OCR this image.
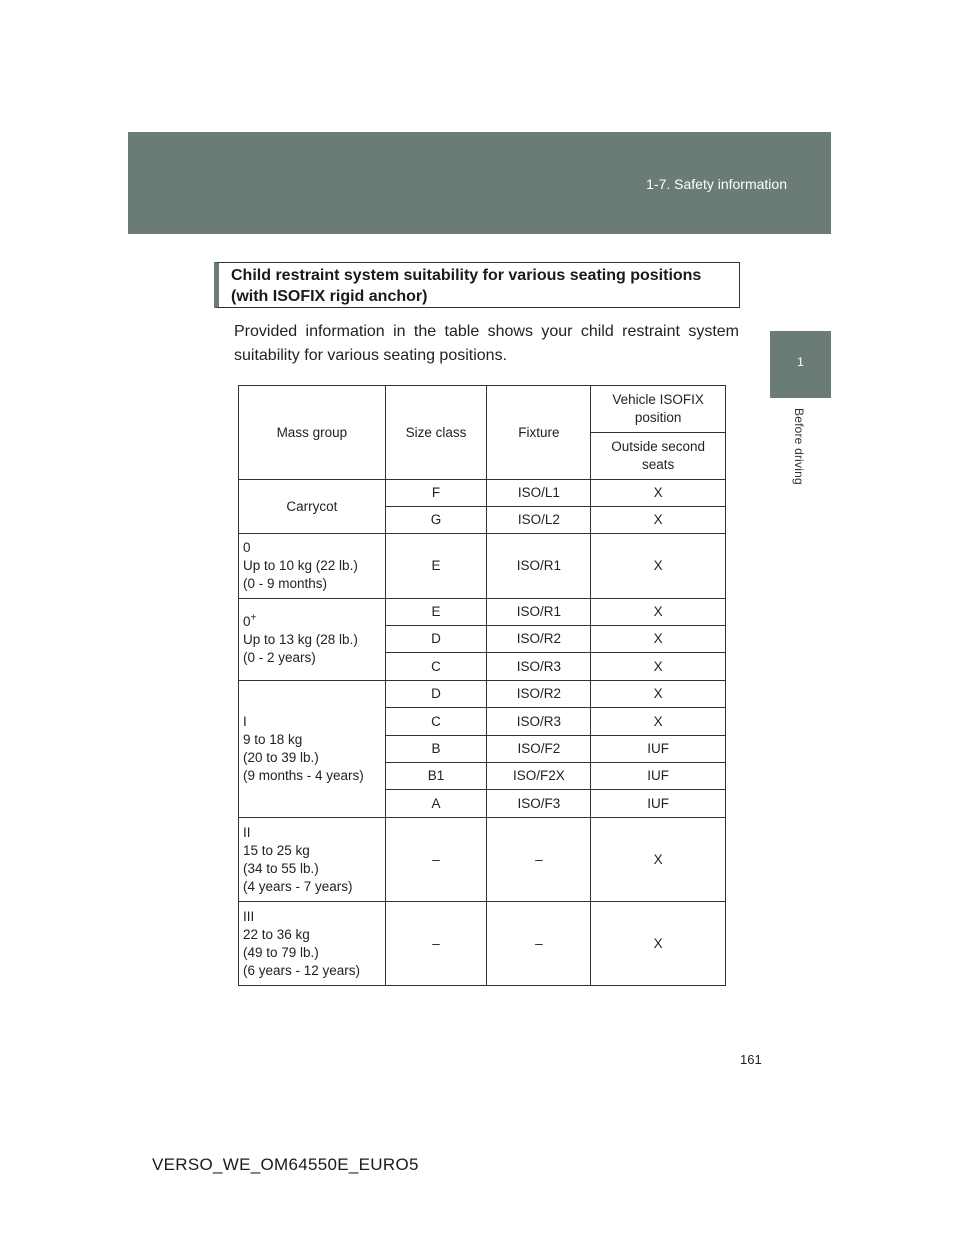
1-7. Safety information
1
Before driving
Child restraint system suitability for various seating positions (with ISOFIX rigid anchor)
Provided information in the table shows your child restraint system suitability for various seating positions.
Mass group	Size class	Fixture	Vehicle ISOFIX position
			Outside second seats
Carrycot	F	ISO/L1	X
	G	ISO/L2	X
0
Up to 10 kg (22 lb.)
(0 - 9 months)	E	ISO/R1	X
0+
Up to 13 kg (28 lb.)
(0 - 2 years)	E	ISO/R1	X
	D	ISO/R2	X
	C	ISO/R3	X
I
9 to 18 kg
(20 to 39 lb.)
(9 months - 4 years)	D	ISO/R2	X
	C	ISO/R3	X
	B	ISO/F2	IUF
	B1	ISO/F2X	IUF
	A	ISO/F3	IUF
II
15 to 25 kg
(34 to 55 lb.)
(4 years - 7 years)	–	–	X
III
22 to 36 kg
(49 to 79 lb.)
(6 years - 12 years)	–	–	X
161
VERSO_WE_OM64550E_EURO5
